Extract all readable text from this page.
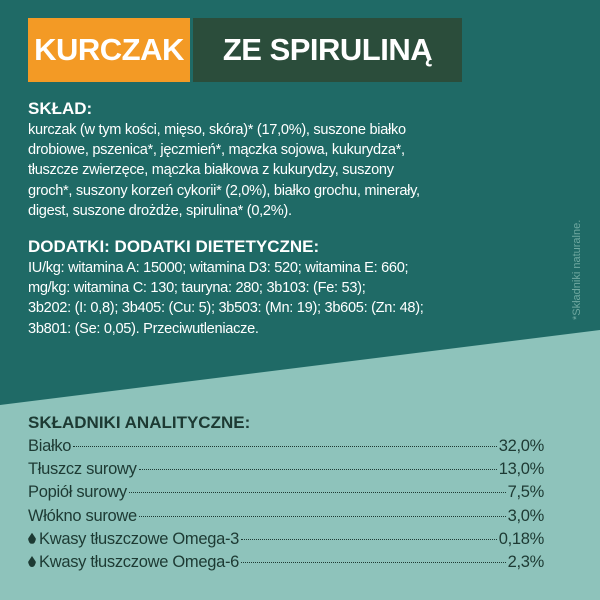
KURCZAK	ZE SPIRULINĄ
SKŁAD:
kurczak (w tym kości, mięso, skóra)* (17,0%), suszone białko
drobiowe, pszenica*, jęczmień*, mączka sojowa, kukurydza*,
tłuszcze zwierzęce, mączka białkowa z kukurydzy, suszony
groch*, suszony korzeń cykorii* (2,0%), białko grochu, minerały,
digest, suszone drożdże, spirulina* (0,2%).
DODATKI: DODATKI DIETETYCZNE:
IU/kg: witamina A: 15000; witamina D3: 520; witamina E: 660;
mg/kg: witamina C: 130; tauryna: 280; 3b103: (Fe: 53);
3b202: (I: 0,8); 3b405: (Cu: 5); 3b503: (Mn: 19); 3b605: (Zn: 48);
3b801: (Se: 0,05). Przeciwutleniacze.
*Składniki naturalne.
SKŁADNIKI ANALITYCZNE:
Białko	32,0%
Tłuszcz surowy	13,0%
Popiół surowy	7,5%
Włókno surowe	3,0%
Kwasy tłuszczowe Omega-3	0,18%
Kwasy tłuszczowe Omega-6	2,3%
